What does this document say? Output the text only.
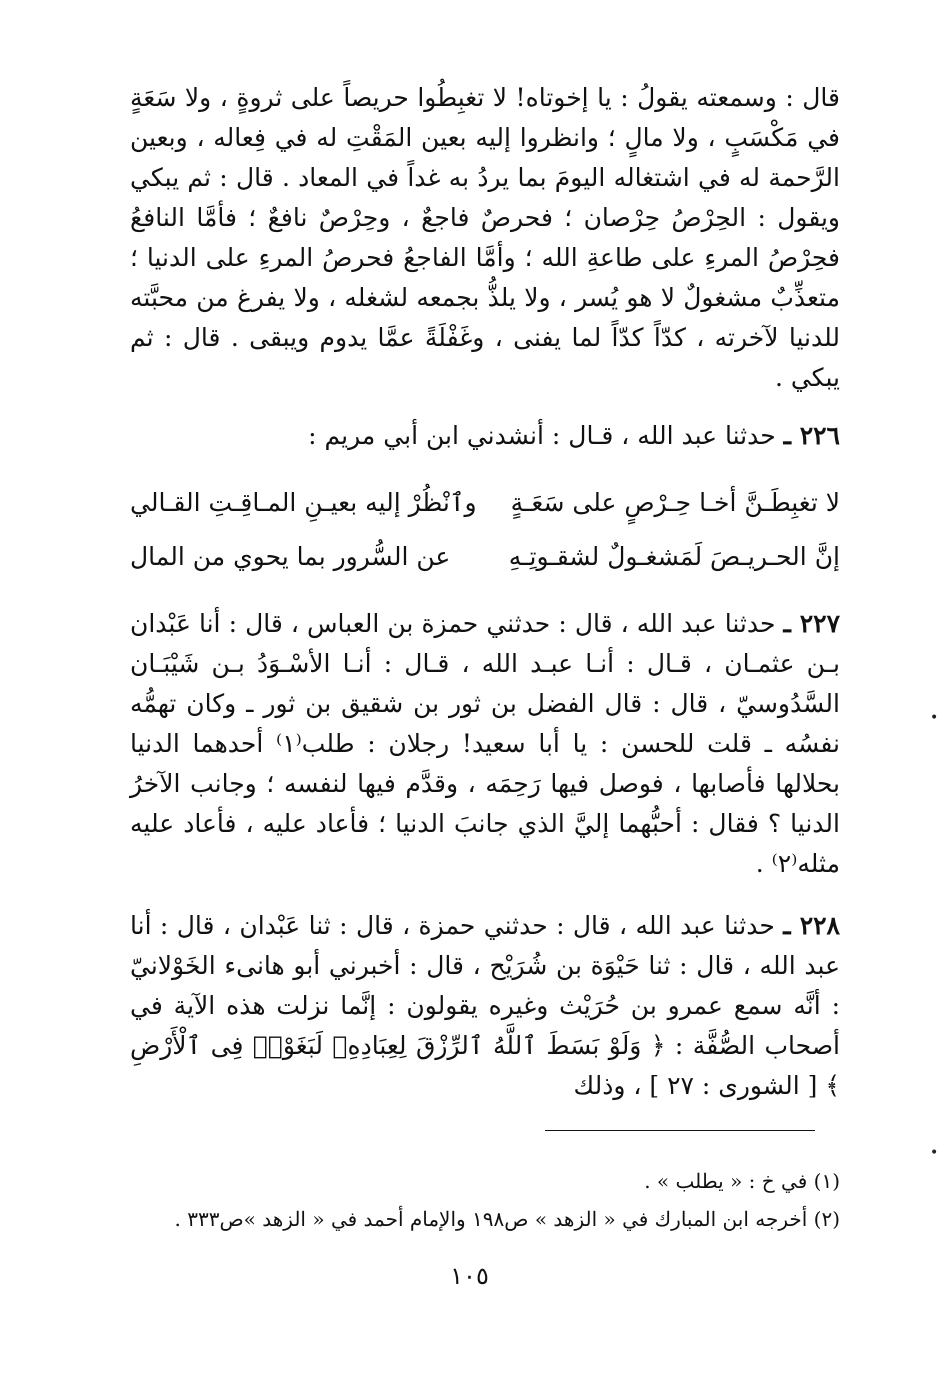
قال : وسمعته يقولُ : يا إخوتاه! لا تغبِطُوا حريصاً على ثروةٍ ، ولا سَعَةٍ في مَكْسَبٍ ، ولا مالٍ ؛ وانظروا إليه بعين المَقْتِ له في فِعاله ، وبعين الرَّحمة له في اشتغاله اليومَ بما يردُ به غداً في المعاد . قال : ثم يبكي ويقول : الحِرْصُ حِرْصان ؛ فحرصٌ فاجعٌ ، وحِرْصٌ نافعٌ ؛ فأمَّا النافعُ فحِرْصُ المرءِ على طاعةِ الله ؛ وأمَّا الفاجعُ فحرصُ المرءِ على الدنيا ؛ متعذِّبٌ مشغولٌ لا هو يُسر ، ولا يلذُّ بجمعه لشغله ، ولا يفرغ من محبَّته للدنيا لآخرته ، كدّاً كدّاً لما يفنى ، وغَفْلَةً عمَّا يدوم ويبقى . قال : ثم يبكي .

٢٢٦ ـ حدثنا عبد الله ، قـال : أنشدني ابن أبي مريم :

لا تغبِطَـنَّ أخـا حِـرْصٍ على سَعَـةٍ
وٱنْظُرْ إليه بعيـنِ المـاقِـتِ القـالي
إنَّ الحـريـصَ لَمَشغـولٌ لشقـوتِـهِ
عن السُّرور بما يحوي من المال

٢٢٧ ـ حدثنا عبد الله ، قال : حدثني حمزة بن العباس ، قال : أنا عَبْدان بـن عثمـان ، قـال : أنـا عبـد الله ، قـال : أنـا الأسْـوَدُ بـن شَيْبَـان السَّدُوسيّ ، قال : قال الفضل بن ثور بن شقيق بن ثور ـ وكان تهمُّه نفسُه ـ قلت للحسن : يا أبا سعيد! رجلان : طلب⁽١⁾ أحدهما الدنيا بحلالها فأصابها ، فوصل فيها رَحِمَه ، وقدَّم فيها لنفسه ؛ وجانب الآخرُ الدنيا ؟ فقال : أحبُّهما إليَّ الذي جانبَ الدنيا ؛ فأعاد عليه ، فأعاد عليه مثله⁽٢⁾ .

٢٢٨ ـ حدثنا عبد الله ، قال : حدثني حمزة ، قال : ثنا عَبْدان ، قال : أنا عبد الله ، قال : ثنا حَيْوَة بن شُرَيْح ، قال : أخبرني أبو هانىء الخَوْلانيّ : أنَّه سمع عمرو بن حُرَيْث وغيره يقولون : إنَّما نزلت هذه الآية في أصحاب الصُّفَّة : ﴿ وَلَوْ بَسَطَ ٱللَّهُ ٱلرِّزْقَ لِعِبَادِهِۦ لَبَغَوْا۟ فِى ٱلْأَرْضِ ﴾ [ الشورى : ٢٧ ] ، وذلك

(١) في خ : « يطلب » .

(٢) أخرجه ابن المبارك في « الزهد » ص١٩٨ والإمام أحمد في « الزهد »ص٣٣٣ .

١٠٥
•
•
